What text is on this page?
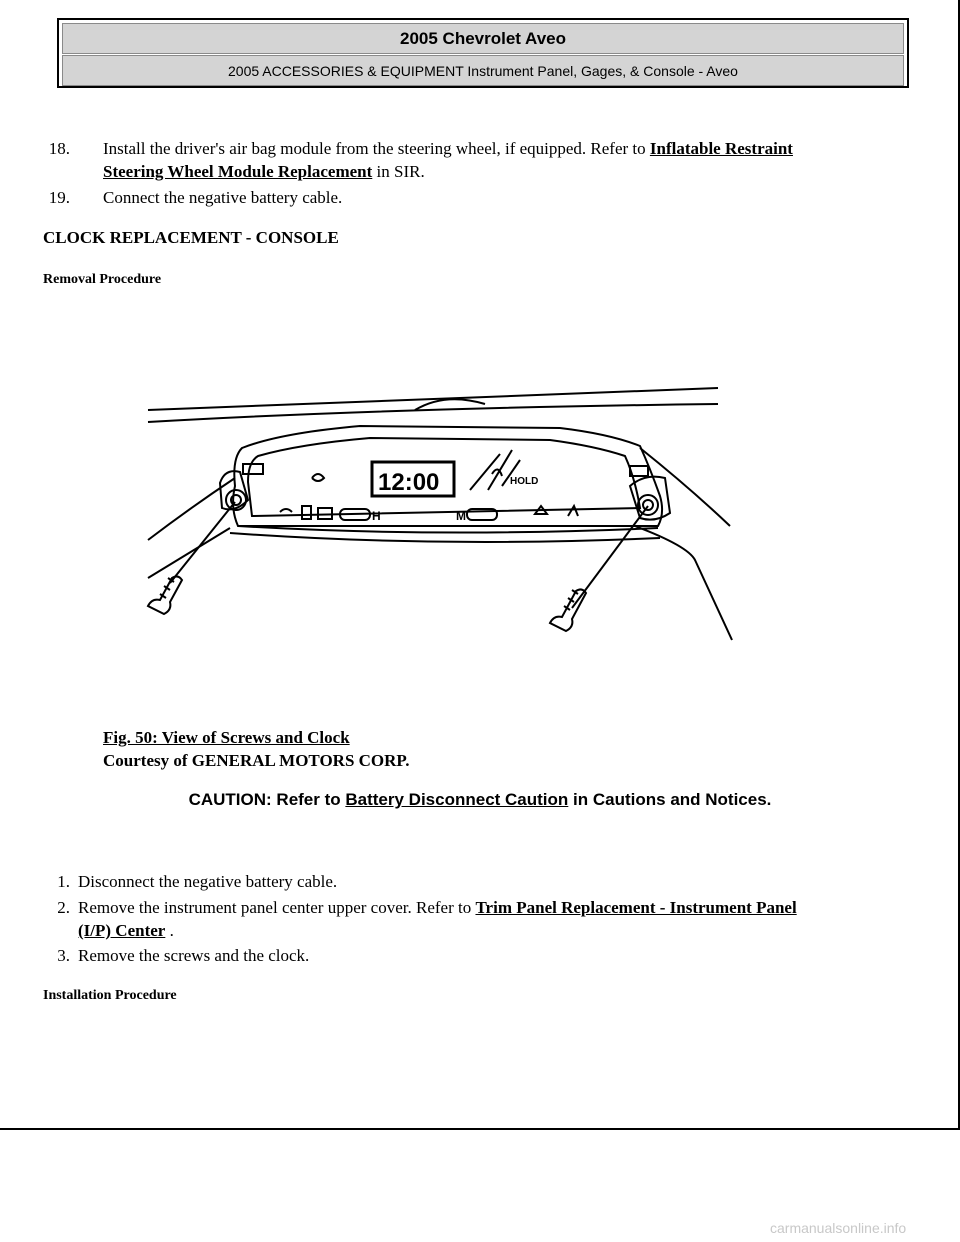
2005 Chevrolet Aveo
2005 ACCESSORIES & EQUIPMENT Instrument Panel, Gages, & Console - Aveo
18. Install the driver's air bag module from the steering wheel, if equipped. Refer to Inflatable Restraint
Steering Wheel Module Replacement in SIR.
19. Connect the negative battery cable.
CLOCK REPLACEMENT - CONSOLE
Removal Procedure
12:00	HOLD
H	M
Fig. 50: View of Screws and Clock
Courtesy of GENERAL MOTORS CORP.
CAUTION: Refer to Battery Disconnect Caution in Cautions and Notices.
1. Disconnect the negative battery cable.
2. Remove the instrument panel center upper cover. Refer to Trim Panel Replacement - Instrument Panel
(I/P) Center .
3. Remove the screws and the clock.
Installation Procedure
carmanualsonline.info
